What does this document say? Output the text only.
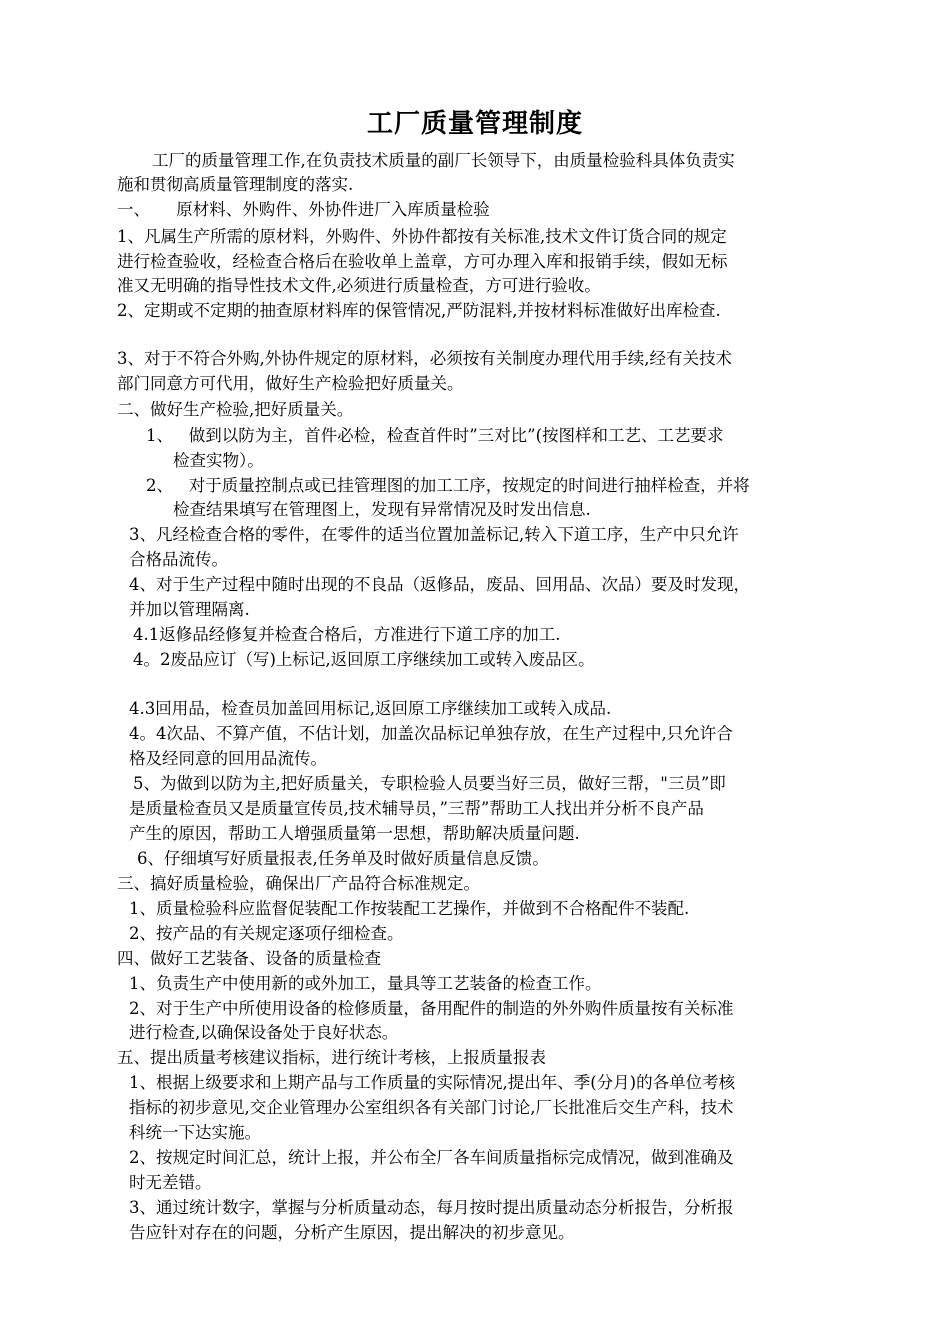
工厂质量管理制度
工厂的质量管理工作,在负责技术质量的副厂长领导下，由质量检验科具体负责实
施和贯彻高质量管理制度的落实.
一、     原材料、外购件、外协件进厂入库质量检验
1、凡属生产所需的原材料，外购件、外协件都按有关标准,技术文件订货合同的规定
进行检查验收，经检查合格后在验收单上盖章，方可办理入库和报销手续，假如无标
准又无明确的指导性技术文件,必须进行质量检查，方可进行验收。
2、定期或不定期的抽查原材料库的保管情况,严防混料,并按材料标准做好出库检查.
3、对于不符合外购,外协件规定的原材料，必须按有关制度办理代用手续,经有关技术
部门同意方可代用，做好生产检验把好质量关。
二、做好生产检验,把好质量关。
1、   做到以防为主，首件必检，检查首件时”三对比”(按图样和工艺、工艺要求
检查实物）。
2、   对于质量控制点或已挂管理图的加工工序，按规定的时间进行抽样检查，并将
检查结果填写在管理图上，发现有异常情况及时发出信息.
3、凡经检查合格的零件，在零件的适当位置加盖标记,转入下道工序，生产中只允许
合格品流传。
4、对于生产过程中随时出现的不良品（返修品，废品、回用品、次品）要及时发现，
并加以管理隔离.
4.1返修品经修复并检查合格后，方准进行下道工序的加工.
4。2废品应订（写)上标记,返回原工序继续加工或转入废品区。
4.3回用品，检查员加盖回用标记,返回原工序继续加工或转入成品.
4。4次品、不算产值，不估计划，加盖次品标记单独存放，在生产过程中,只允许合
格及经同意的回用品流传。
5、为做到以防为主,把好质量关，专职检验人员要当好三员，做好三帮，"三员”即
是质量检查员又是质量宣传员,技术辅导员，”三帮”帮助工人找出并分析不良产品
产生的原因，帮助工人增强质量第一思想，帮助解决质量问题.
6、仔细填写好质量报表,任务单及时做好质量信息反馈。
三、搞好质量检验，确保出厂产品符合标准规定。
1、质量检验科应监督促装配工作按装配工艺操作，并做到不合格配件不装配.
2、按产品的有关规定逐项仔细检查。
四、做好工艺装备、设备的质量检查
1、负责生产中使用新的或外加工，量具等工艺装备的检查工作。
2、对于生产中所使用设备的检修质量，备用配件的制造的外外购件质量按有关标准
进行检查,以确保设备处于良好状态。
五、提出质量考核建议指标，进行统计考核，上报质量报表
1、根据上级要求和上期产品与工作质量的实际情况,提出年、季(分月)的各单位考核
指标的初步意见,交企业管理办公室组织各有关部门讨论,厂长批准后交生产科，技术
科统一下达实施。
2、按规定时间汇总，统计上报，并公布全厂各车间质量指标完成情况，做到准确及
时无差错。
3、通过统计数字，掌握与分析质量动态，每月按时提出质量动态分析报告，分析报
告应针对存在的问题，分析产生原因，提出解决的初步意见。
